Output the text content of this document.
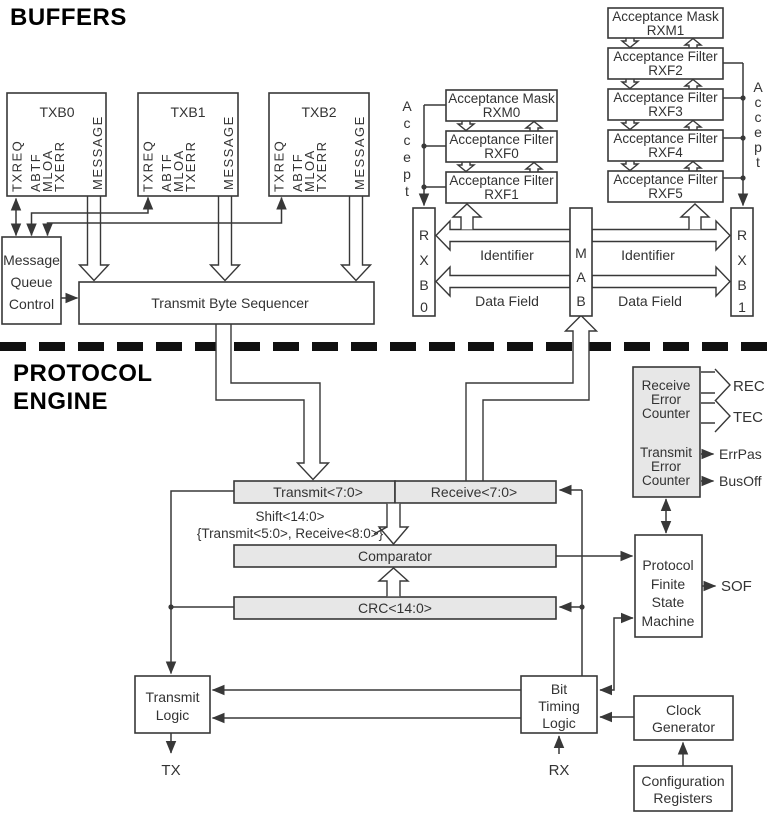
BUFFERS
PROTOCOL
ENGINE
TXB0	TXB1	TXB2
TXREQ ABTF
MLOA
TXERR MESSAGE	TXREQ ABTF
MLOA
TXERR MESSAGE	TXREQ ABTF
MLOA
TXERR MESSAGE
Message
Queue
Control	Transmit Byte Sequencer
Acceptance Mask
RXM1
Acceptance Filter
RXF2
Acceptance Filter
RXF3
Acceptance Filter
RXF4
Acceptance Filter
RXF5
Acceptance Mask
RXM0
Acceptance Filter
RXF0
Acceptance Filter
RXF1
A
c
c
e
p
t
A
c
c
e
p
t
R
X
B
0
M
A
B
R
X
B
1
Identifier	Identifier
Data Field	Data Field
Transmit<7:0>	Receive<7:0>
Shift<14:0>
{Transmit<5:0>, Receive<8:0>}
Comparator
CRC<14:0>
Receive
Error
Counter
Transmit
Error
Counter
REC
TEC
ErrPas
BusOff
Protocol
Finite
State
Machine
SOF
Transmit
Logic
Bit
Timing
Logic
Clock
Generator
Configuration
Registers
TX	RX
